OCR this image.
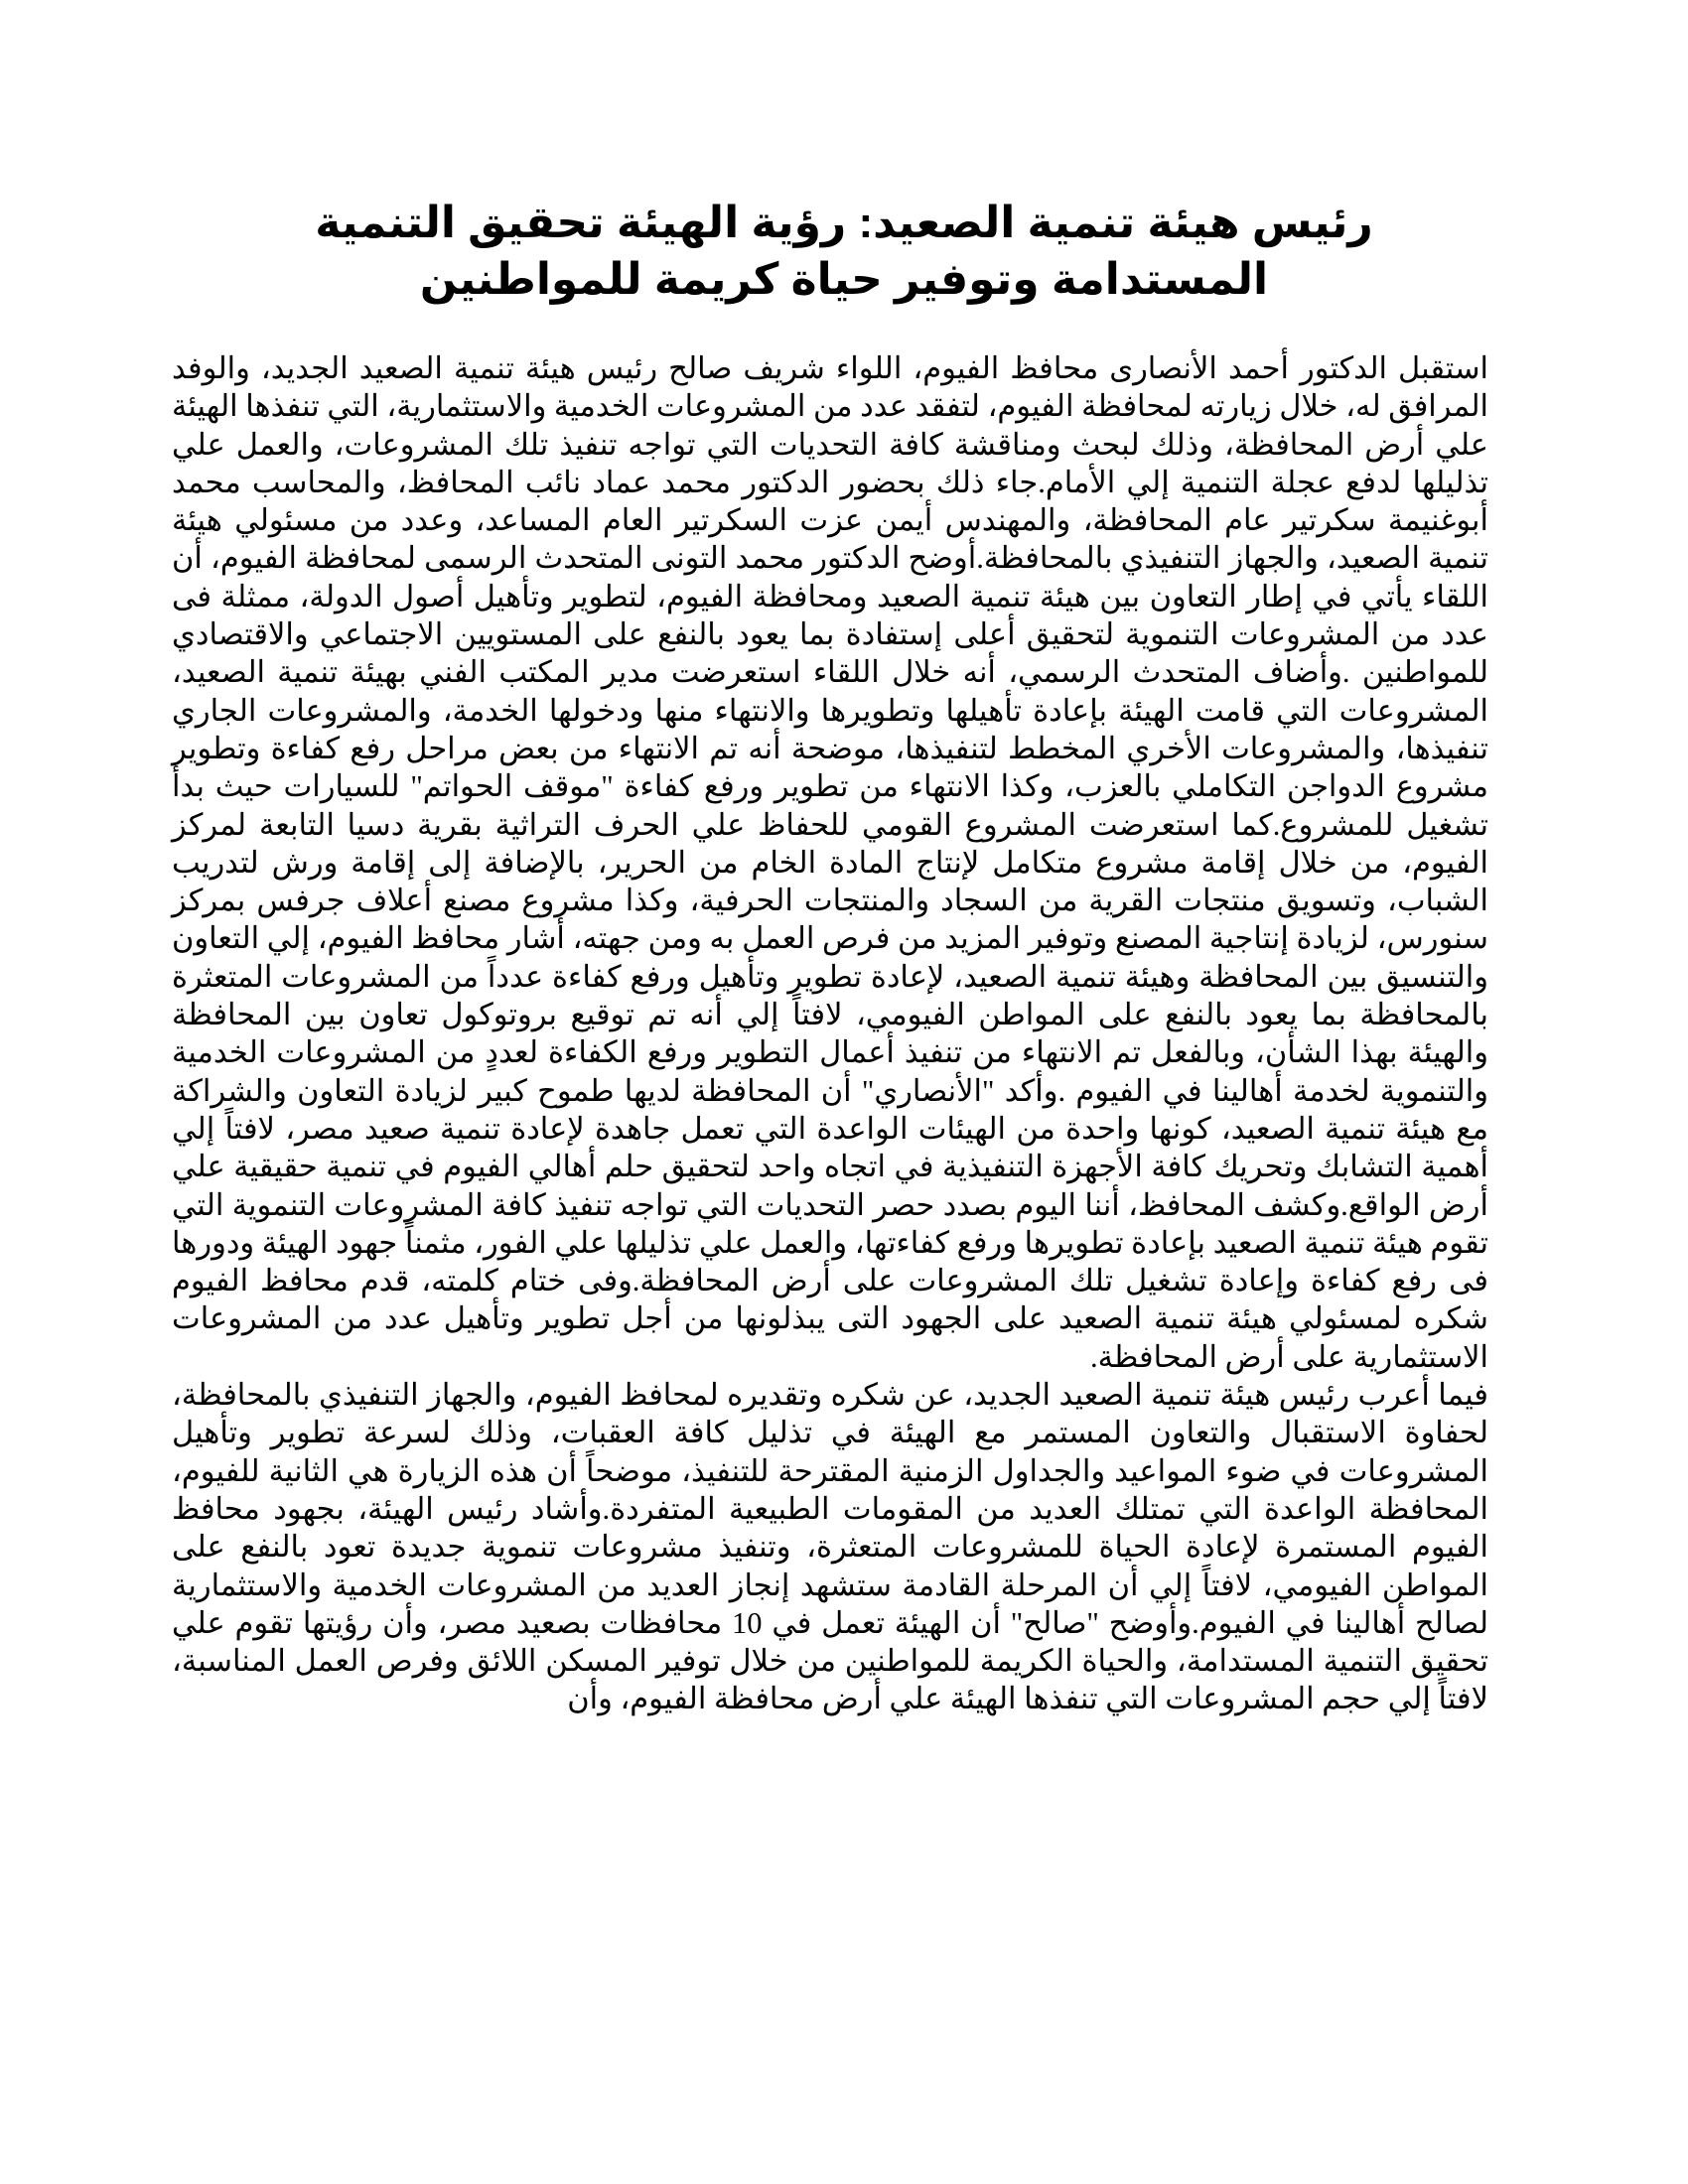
رئيس هيئة تنمية الصعيد: رؤية الهيئة تحقيق التنمية المستدامة وتوفير حياة كريمة للمواطنين

استقبل الدكتور أحمد الأنصارى محافظ الفيوم، اللواء شريف صالح رئيس هيئة تنمية الصعيد الجديد، والوفد المرافق له، خلال زيارته لمحافظة الفيوم، لتفقد عدد من المشروعات الخدمية والاستثمارية، التي تنفذها الهيئة علي أرض المحافظة، وذلك لبحث ومناقشة كافة التحديات التي تواجه تنفيذ تلك المشروعات، والعمل علي تذليلها لدفع عجلة التنمية إلي الأمام.جاء ذلك بحضور الدكتور محمد عماد نائب المحافظ، والمحاسب محمد أبوغنيمة سكرتير عام المحافظة، والمهندس أيمن عزت السكرتير العام المساعد، وعدد من مسئولي هيئة تنمية الصعيد، والجهاز التنفيذي بالمحافظة.أوضح الدكتور محمد التونى المتحدث الرسمى لمحافظة الفيوم، أن اللقاء يأتي في إطار التعاون بين هيئة تنمية الصعيد ومحافظة الفيوم، لتطوير وتأهيل أصول الدولة، ممثلة فى عدد من المشروعات التنموية لتحقيق أعلى إستفادة بما يعود بالنفع على المستويين الاجتماعي والاقتصادي للمواطنين .وأضاف المتحدث الرسمي، أنه خلال اللقاء استعرضت مدير المكتب الفني بهيئة تنمية الصعيد، المشروعات التي قامت الهيئة بإعادة تأهيلها وتطويرها والانتهاء منها ودخولها الخدمة، والمشروعات الجاري تنفيذها، والمشروعات الأخري المخطط لتنفيذها، موضحة أنه تم الانتهاء من بعض مراحل رفع كفاءة وتطوير مشروع الدواجن التكاملي بالعزب، وكذا الانتهاء من تطوير ورفع كفاءة "موقف الحواتم" للسيارات حيث بدأ تشغيل للمشروع.كما استعرضت المشروع القومي للحفاظ علي الحرف التراثية بقرية دسيا التابعة لمركز الفيوم، من خلال إقامة مشروع متكامل لإنتاج المادة الخام من الحرير، بالإضافة إلى إقامة ورش لتدريب الشباب، وتسويق منتجات القرية من السجاد والمنتجات الحرفية، وكذا مشروع مصنع أعلاف جرفس بمركز سنورس، لزيادة إنتاجية المصنع وتوفير المزيد من فرص العمل به ومن جهته، أشار محافظ الفيوم، إلي التعاون والتنسيق بين المحافظة وهيئة تنمية الصعيد، لإعادة تطوير وتأهيل ورفع كفاءة عدداً من المشروعات المتعثرة بالمحافظة بما يعود بالنفع على المواطن الفيومي، لافتاً إلي أنه تم توقيع بروتوكول تعاون بين المحافظة والهيئة بهذا الشأن، وبالفعل تم الانتهاء من تنفيذ أعمال التطوير ورفع الكفاءة لعددٍ من المشروعات الخدمية والتنموية لخدمة أهالينا في الفيوم .وأكد "الأنصاري" أن المحافظة لديها طموح كبير لزيادة التعاون والشراكة مع هيئة تنمية الصعيد، كونها واحدة من الهيئات الواعدة التي تعمل جاهدة لإعادة تنمية صعيد مصر، لافتاً إلي أهمية التشابك وتحريك كافة الأجهزة التنفيذية في اتجاه واحد لتحقيق حلم أهالي الفيوم في تنمية حقيقية علي أرض الواقع.وكشف المحافظ، أننا اليوم بصدد حصر التحديات التي تواجه تنفيذ كافة المشروعات التنموية التي تقوم هيئة تنمية الصعيد بإعادة تطويرها ورفع كفاءتها، والعمل علي تذليلها علي الفور، مثمناً جهود الهيئة ودورها فى رفع كفاءة وإعادة تشغيل تلك المشروعات على أرض المحافظة.وفى ختام كلمته، قدم محافظ الفيوم شكره لمسئولي هيئة تنمية الصعيد على الجهود التى يبذلونها من أجل تطوير وتأهيل عدد من المشروعات الاستثمارية على أرض المحافظة.

فيما أعرب رئيس هيئة تنمية الصعيد الجديد، عن شكره وتقديره لمحافظ الفيوم، والجهاز التنفيذي بالمحافظة، لحفاوة الاستقبال والتعاون المستمر مع الهيئة في تذليل كافة العقبات، وذلك لسرعة تطوير وتأهيل المشروعات في ضوء المواعيد والجداول الزمنية المقترحة للتنفيذ، موضحاً أن هذه الزيارة هي الثانية للفيوم، المحافظة الواعدة التي تمتلك العديد من المقومات الطبيعية المتفردة.وأشاد رئيس الهيئة، بجهود محافظ الفيوم المستمرة لإعادة الحياة للمشروعات المتعثرة، وتنفيذ مشروعات تنموية جديدة تعود بالنفع على المواطن الفيومي، لافتاً إلي أن المرحلة القادمة ستشهد إنجاز العديد من المشروعات الخدمية والاستثمارية لصالح أهالينا في الفيوم.وأوضح "صالح" أن الهيئة تعمل في 10 محافظات بصعيد مصر، وأن رؤيتها تقوم علي تحقيق التنمية المستدامة، والحياة الكريمة للمواطنين من خلال توفير المسكن اللائق وفرص العمل المناسبة، لافتاً إلي حجم المشروعات التي تنفذها الهيئة علي أرض محافظة الفيوم، وأن
